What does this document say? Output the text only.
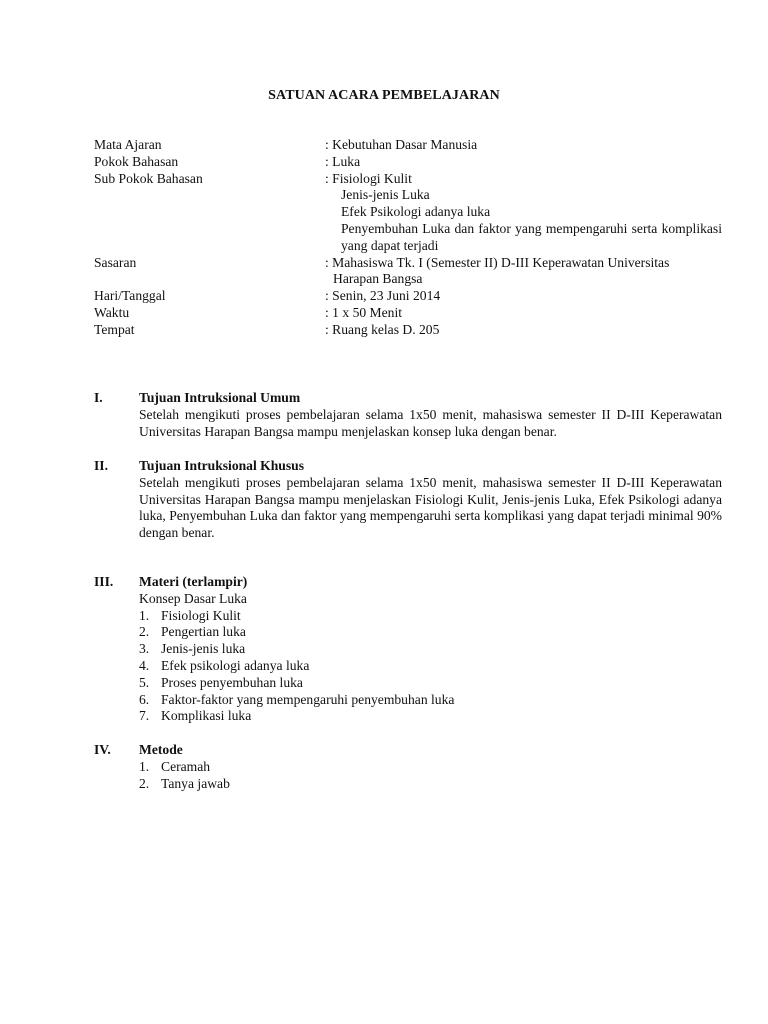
SATUAN ACARA PEMBELAJARAN
Mata Ajaran	: Kebutuhan Dasar Manusia
Pokok Bahasan	: Luka
Sub Pokok Bahasan	: Fisiologi Kulit
Jenis-jenis Luka
Efek Psikologi adanya luka
Penyembuhan Luka dan faktor yang mempengaruhi serta komplikasi yang dapat terjadi
Sasaran	: Mahasiswa Tk. I (Semester II) D-III Keperawatan Universitas
Harapan Bangsa
Hari/Tanggal	: Senin, 23 Juni 2014
Waktu	: 1 x 50 Menit
Tempat	: Ruang kelas D. 205
I.	Tujuan Intruksional Umum
Setelah mengikuti proses pembelajaran selama 1x50 menit, mahasiswa semester II D-III Keperawatan Universitas Harapan Bangsa mampu menjelaskan konsep luka dengan benar.
II. Tujuan Intruksional Khusus
Setelah mengikuti proses pembelajaran selama 1x50 menit, mahasiswa semester II D-III Keperawatan Universitas Harapan Bangsa mampu menjelaskan Fisiologi Kulit, Jenis-jenis Luka, Efek Psikologi adanya luka, Penyembuhan Luka dan faktor yang mempengaruhi serta komplikasi yang dapat terjadi minimal 90% dengan benar.
III. Materi (terlampir)
Konsep Dasar Luka
1. Fisiologi Kulit
2. Pengertian luka
3. Jenis-jenis luka
4. Efek psikologi adanya luka
5. Proses penyembuhan luka
6. Faktor-faktor yang mempengaruhi penyembuhan luka
7. Komplikasi luka
IV. Metode
1. Ceramah
2. Tanya jawab
